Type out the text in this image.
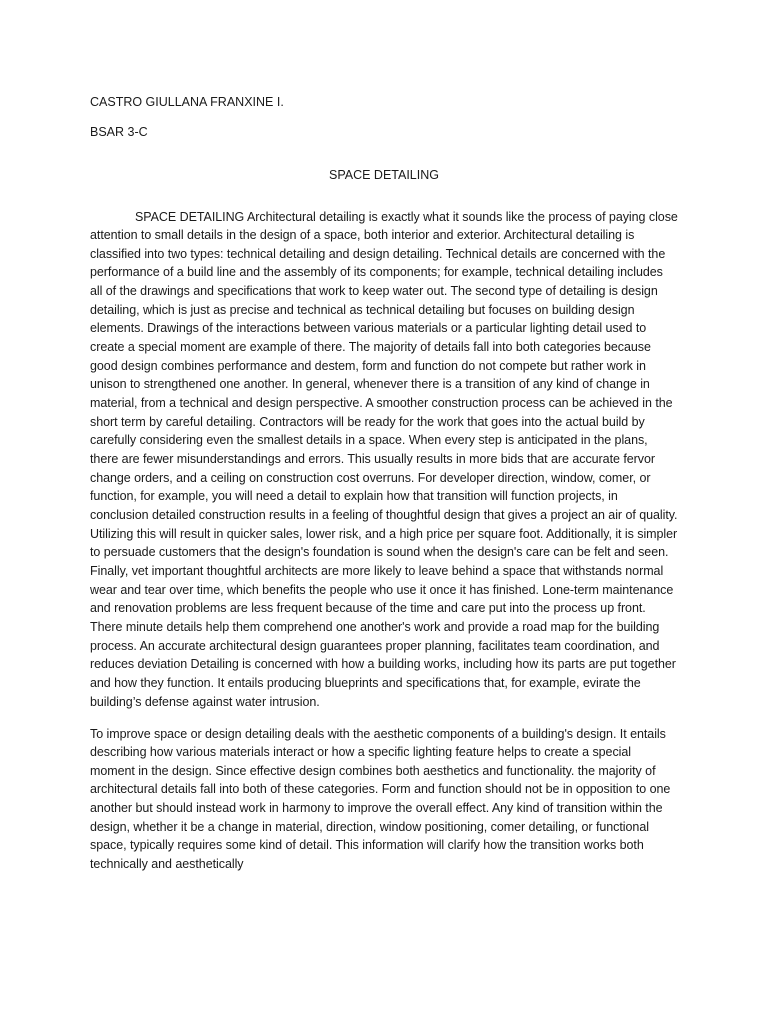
CASTRO GIULLANA FRANXINE I.
BSAR 3-C
SPACE DETAILING

SPACE DETAILING Architectural detailing is exactly what it sounds like the process of paying close attention to small details in the design of a space, both interior and exterior. Architectural detailing is classified into two types: technical detailing and design detailing. Technical details are concerned with the performance of a build line and the assembly of its components; for example, technical detailing includes all of the drawings and specifications that work to keep water out. The second type of detailing is design detailing, which is just as precise and technical as technical detailing but focuses on building design elements. Drawings of the interactions between various materials or a particular lighting detail used to create a special moment are example of there. The majority of details fall into both categories because good design combines performance and destem, form and function do not compete but rather work in unison to strengthened one another. In general, whenever there is a transition of any kind of change in material, from a technical and design perspective. A smoother construction process can be achieved in the short term by careful detailing. Contractors will be ready for the work that goes into the actual build by carefully considering even the smallest details in a space. When every step is anticipated in the plans, there are fewer misunderstandings and errors. This usually results in more bids that are accurate fervor change orders, and a ceiling on construction cost overruns. For developer direction, window, comer, or function, for example, you will need a detail to explain how that transition will function projects, in conclusion detailed construction results in a feeling of thoughtful design that gives a project an air of quality. Utilizing this will result in quicker sales, lower risk, and a high price per square foot. Additionally, it is simpler to persuade customers that the design's foundation is sound when the design's care can be felt and seen. Finally, vet important thoughtful architects are more likely to leave behind a space that withstands normal wear and tear over time, which benefits the people who use it once it has finished. Lone-term maintenance and renovation problems are less frequent because of the time and care put into the process up front. There minute details help them comprehend one another's work and provide a road map for the building process. An accurate architectural design guarantees proper planning, facilitates team coordination, and reduces deviation Detailing is concerned with how a building works, including how its parts are put together and how they function. It entails producing blueprints and specifications that, for example, evirate the building’s defense against water intrusion.

To improve space or design detailing deals with the aesthetic components of a building's design. It entails describing how various materials interact or how a specific lighting feature helps to create a special moment in the design. Since effective design combines both aesthetics and functionality. the majority of architectural details fall into both of these categories. Form and function should not be in opposition to one another but should instead work in harmony to improve the overall effect. Any kind of transition within the design, whether it be a change in material, direction, window positioning, comer detailing, or functional space, typically requires some kind of detail. This information will clarify how the transition works both technically and aesthetically
